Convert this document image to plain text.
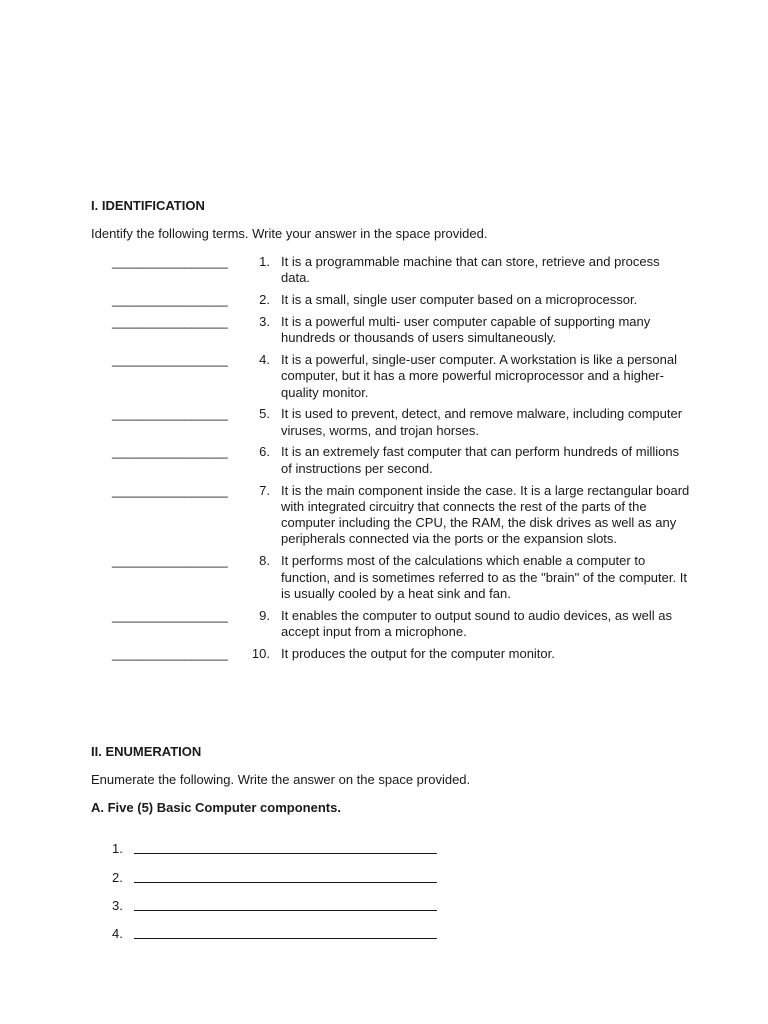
I. IDENTIFICATION
Identify the following terms. Write your answer in the space provided.
________________	1. It is a programmable machine that can store, retrieve and process data.
________________	2. It is a small, single user computer based on a microprocessor.
________________	3. It is a powerful multi- user computer capable of supporting many hundreds or thousands of users simultaneously.
________________	4. It is a powerful, single-user computer. A workstation is like a personal computer, but it has a more powerful microprocessor and a higher-quality monitor.
________________	5. It is used to prevent, detect, and remove malware, including computer viruses, worms, and trojan horses.
________________	6. It is an extremely fast computer that can perform hundreds of millions of instructions per second.
________________	7. It is the main component inside the case. It is a large rectangular board with integrated circuitry that connects the rest of the parts of the computer including the CPU, the RAM, the disk drives as well as any peripherals connected via the ports or the expansion slots.
________________	8. It performs most of the calculations which enable a computer to function, and is sometimes referred to as the "brain" of the computer. It is usually cooled by a heat sink and fan.
________________	9. It enables the computer to output sound to audio devices, as well as accept input from a microphone.
________________	10. It produces the output for the computer monitor.
II. ENUMERATION
Enumerate the following. Write the answer on the space provided.
A. Five (5) Basic Computer components.
1.
2.
3.
4.
